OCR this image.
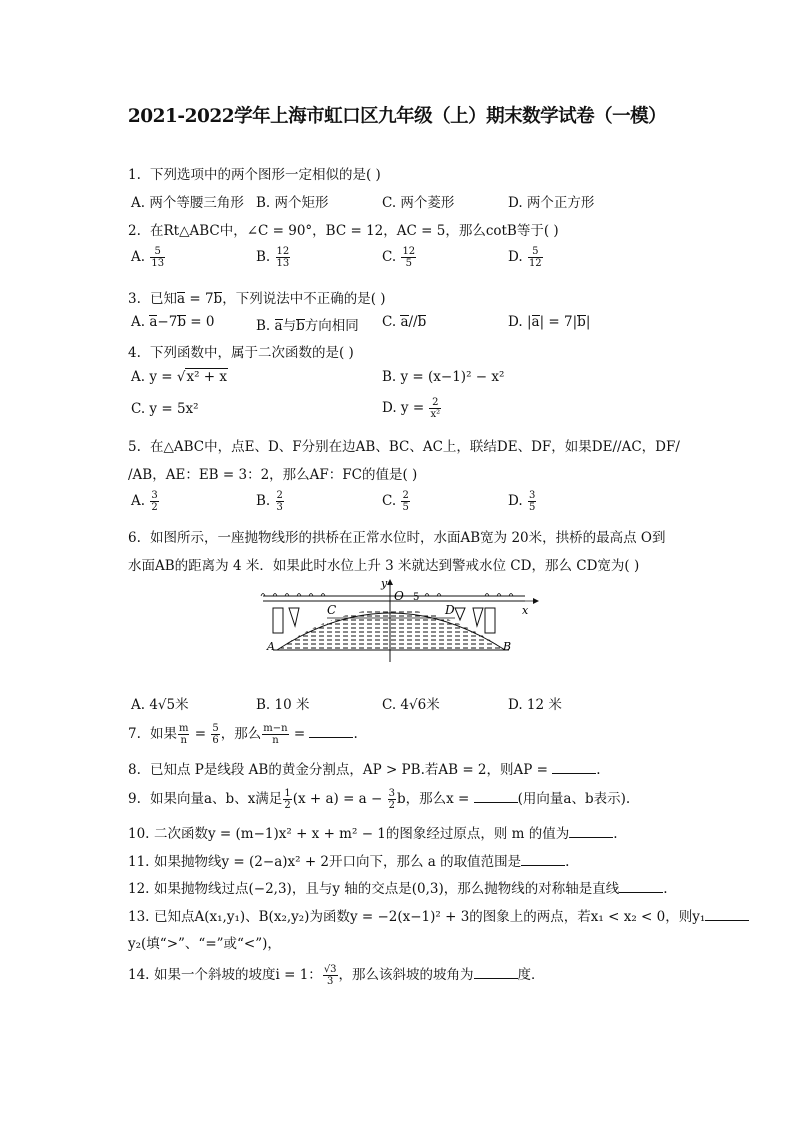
2021-2022学年上海市虹口区九年级（上）期末数学试卷（一模）
1. 下列选项中的两个图形一定相似的是( )
A. 两个等腰三角形 B. 两个矩形	C. 两个菱形	D. 两个正方形
2. 在Rt△ABC中，∠C = 90°，BC = 12，AC = 5，那么cotB等于( )
A. $\frac{5}{13}$	B. $\frac{12}{13}$	C. $\frac{12}{5}$	D. $\frac{5}{12}$
3. 已知a = 7b，下列说法中不正确的是( )
A. a−7b = 0	B. a与b方向相同 C. a//b	D. |a| = 7|b|
4. 下列函数中，属于二次函数的是( )
A. y = √x² + x	B. y = (x−1)² − x²
C. y = 5x²	D. $y = \frac{2}{\text{x²}}$
5. 在△ABC中，点E、D、F分别在边AB、BC、AC上，联结DE、DF，如果DE//AC，DF/
/AB，AE：EB = 3：2，那么AF：FC的值是( )
A. $\frac{3}{2}$	B. $\frac{2}{3}$	C. $\frac{2}{5}$	D. $\frac{3}{5}$
6. 如图所示，一座抛物线形的拱桥在正常水位时，水面AB宽为 20米，拱桥的最高点 O到
水面AB的距离为 4 米．如果此时水位上升 3 米就达到警戒水位 CD，那么 CD宽为( )
y
O 5
C	D	x
A	B
A. 4√5米	B. 10 米	C. 4√6米	D. 12 米
7. 如果 $\frac{m}{n} = \frac{5}{6}$ ，那么 $\frac{m-n}{n}$ =	.
8. 已知点 P是线段 AB的黄金分割点，AP > PB.若AB = 2，则AP =	.
9. 如果向量a、b、x满足 $\frac{1}{2} (x + a) = a - \frac{3}{2}$ b，那么x =	(用向量a、b表示).
10. 二次函数y = (m−1)x² + x + m² − 1的图象经过原点，则 m 的值为	.
11. 如果抛物线y = (2−a)x² + 2开口向下，那么 a 的取值范围是	.
12. 如果抛物线过点(−2,3)，且与y 轴的交点是(0,3)，那么抛物线的对称轴是直线	.
13. 已知点A(x₁,y₁)、B(x₂,y₂)为函数y = −2(x−1)² + 3的图象上的两点，若x₁ < x₂ < 0，则y₁
y₂(填“>”、“=”或“<”)，
14. 如果一个斜坡的坡度i = 1： $\frac{√3}{3}$ ，那么该斜坡的坡角为	度．
